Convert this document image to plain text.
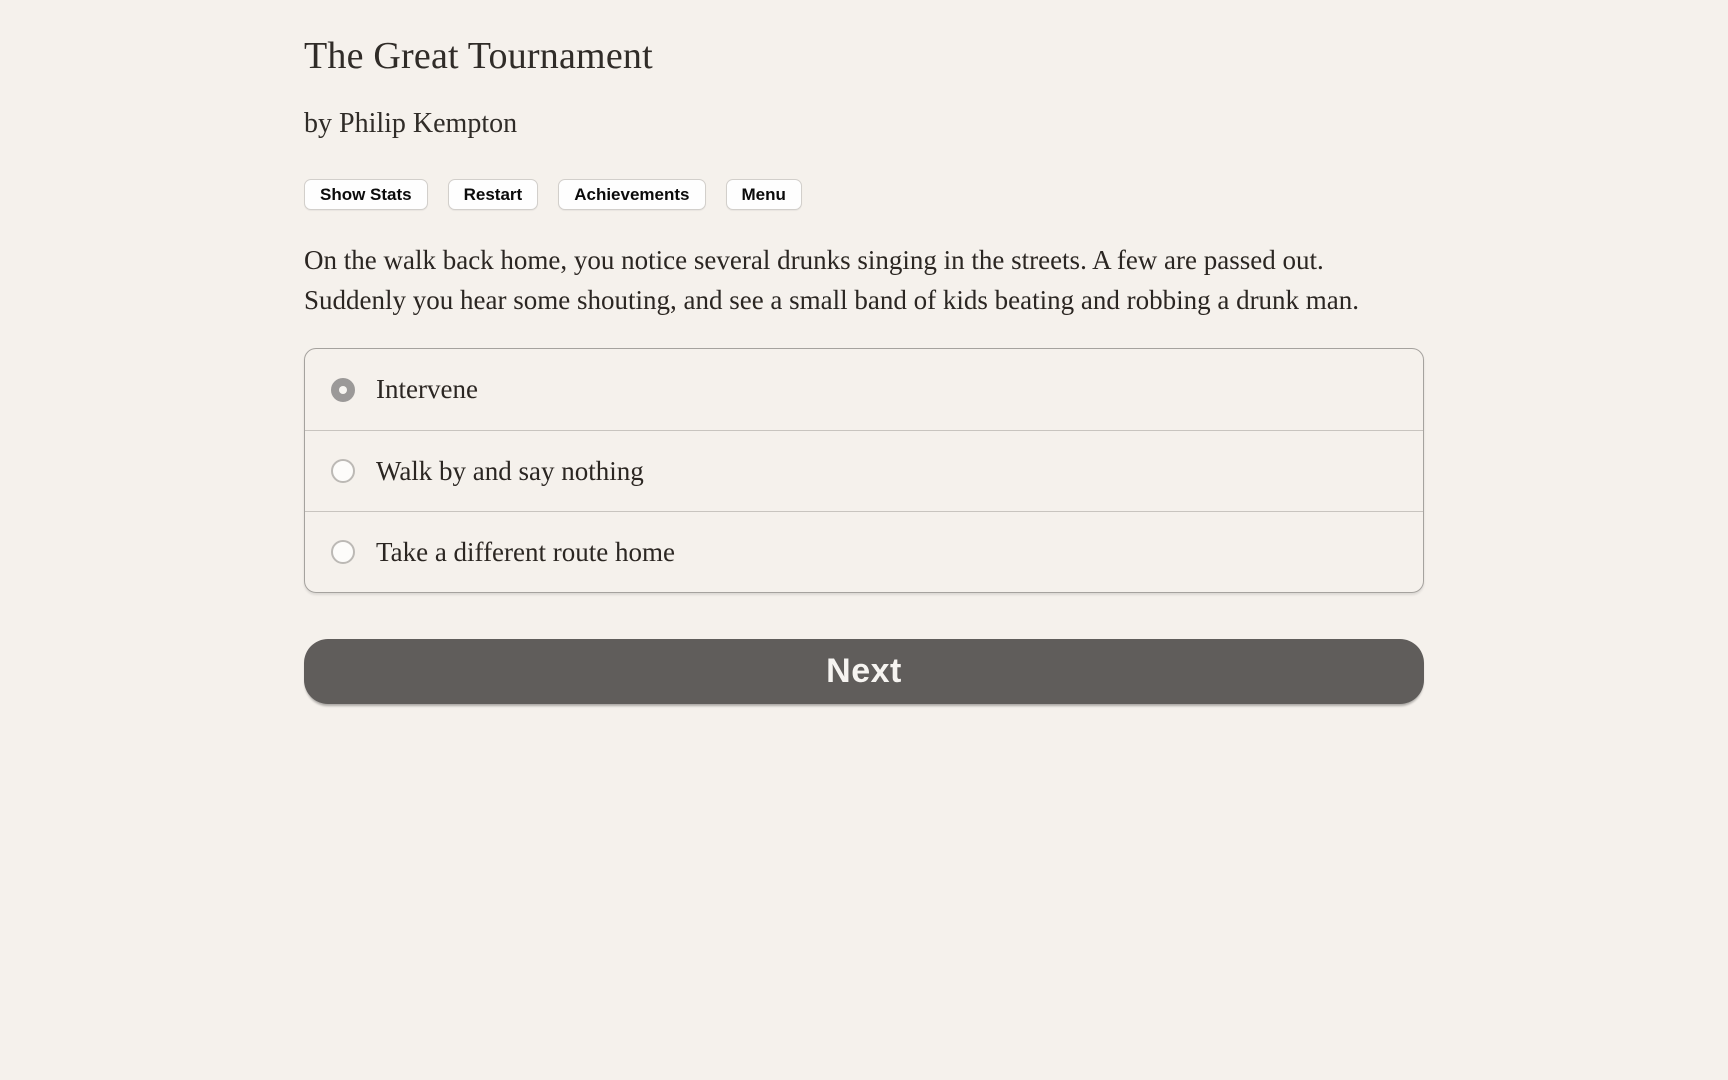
The Great Tournament
by Philip Kempton
Show Stats	Restart	Achievements	Menu

On the walk back home, you notice several drunks singing in the streets. A few are passed out. Suddenly you hear some shouting, and see a small band of kids beating and robbing a drunk man.

Intervene
Walk by and say nothing
Take a different route home
Next
